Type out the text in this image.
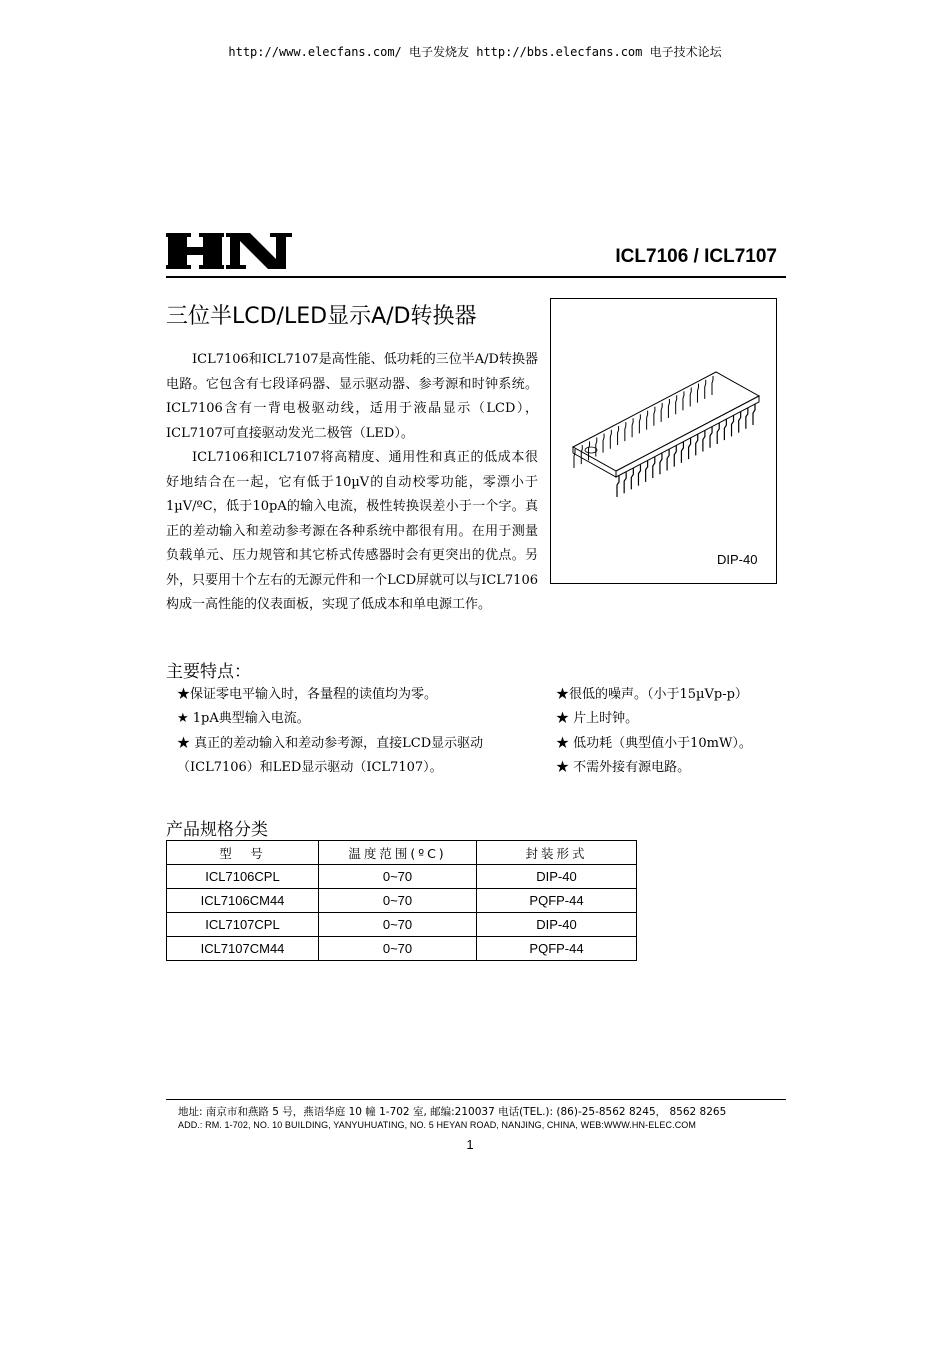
http://www.elecfans.com/ 电子发烧友 http://bbs.elecfans.com 电子技术论坛
ICL7106 / ICL7107
三位半LCD/LED显示A/D转换器

ICL7106和ICL7107是高性能、低功耗的三位半A/D转换器电路。它包含有七段译码器、显示驱动器、参考源和时钟系统。ICL7106含有一背电极驱动线，适用于液晶显示（LCD），ICL7107可直接驱动发光二极管（LED）。

ICL7106和ICL7107将高精度、通用性和真正的低成本很好地结合在一起，它有低于10µV的自动校零功能，零漂小于1µV/ºC，低于10pA的输入电流，极性转换误差小于一个字。真正的差动输入和差动参考源在各种系统中都很有用。在用于测量负载单元、压力规管和其它桥式传感器时会有更突出的优点。另外，只要用十个左右的无源元件和一个LCD屏就可以与ICL7106构成一高性能的仪表面板，实现了低成本和单电源工作。

DIP-40
主要特点：
★保证零电平输入时，各量程的读值均为零。
★ 1pA典型输入电流。
★ 真正的差动输入和差动参考源，直接LCD显示驱动
（ICL7106）和LED显示驱动（ICL7107）。
★很低的噪声。（小于15µVp-p）
★ 片上时钟。
★ 低功耗（典型值小于10mW）。
★ 不需外接有源电路。
产品规格分类
型　号	温度范围(ºC)	封装形式
ICL7106CPL	0~70	DIP-40
ICL7106CM44	0~70	PQFP-44
ICL7107CPL	0~70	DIP-40
ICL7107CM44	0~70	PQFP-44
地址: 南京市和燕路 5 号，燕语华庭 10 幢 1-702 室, 邮编:210037 电话(TEL.): (86)-25-8562 8245， 8562 8265
ADD.: RM. 1-702, NO. 10 BUILDING, YANYUHUATING, NO. 5 HEYAN ROAD, NANJING, CHINA, WEB:WWW.HN-ELEC.COM
1
